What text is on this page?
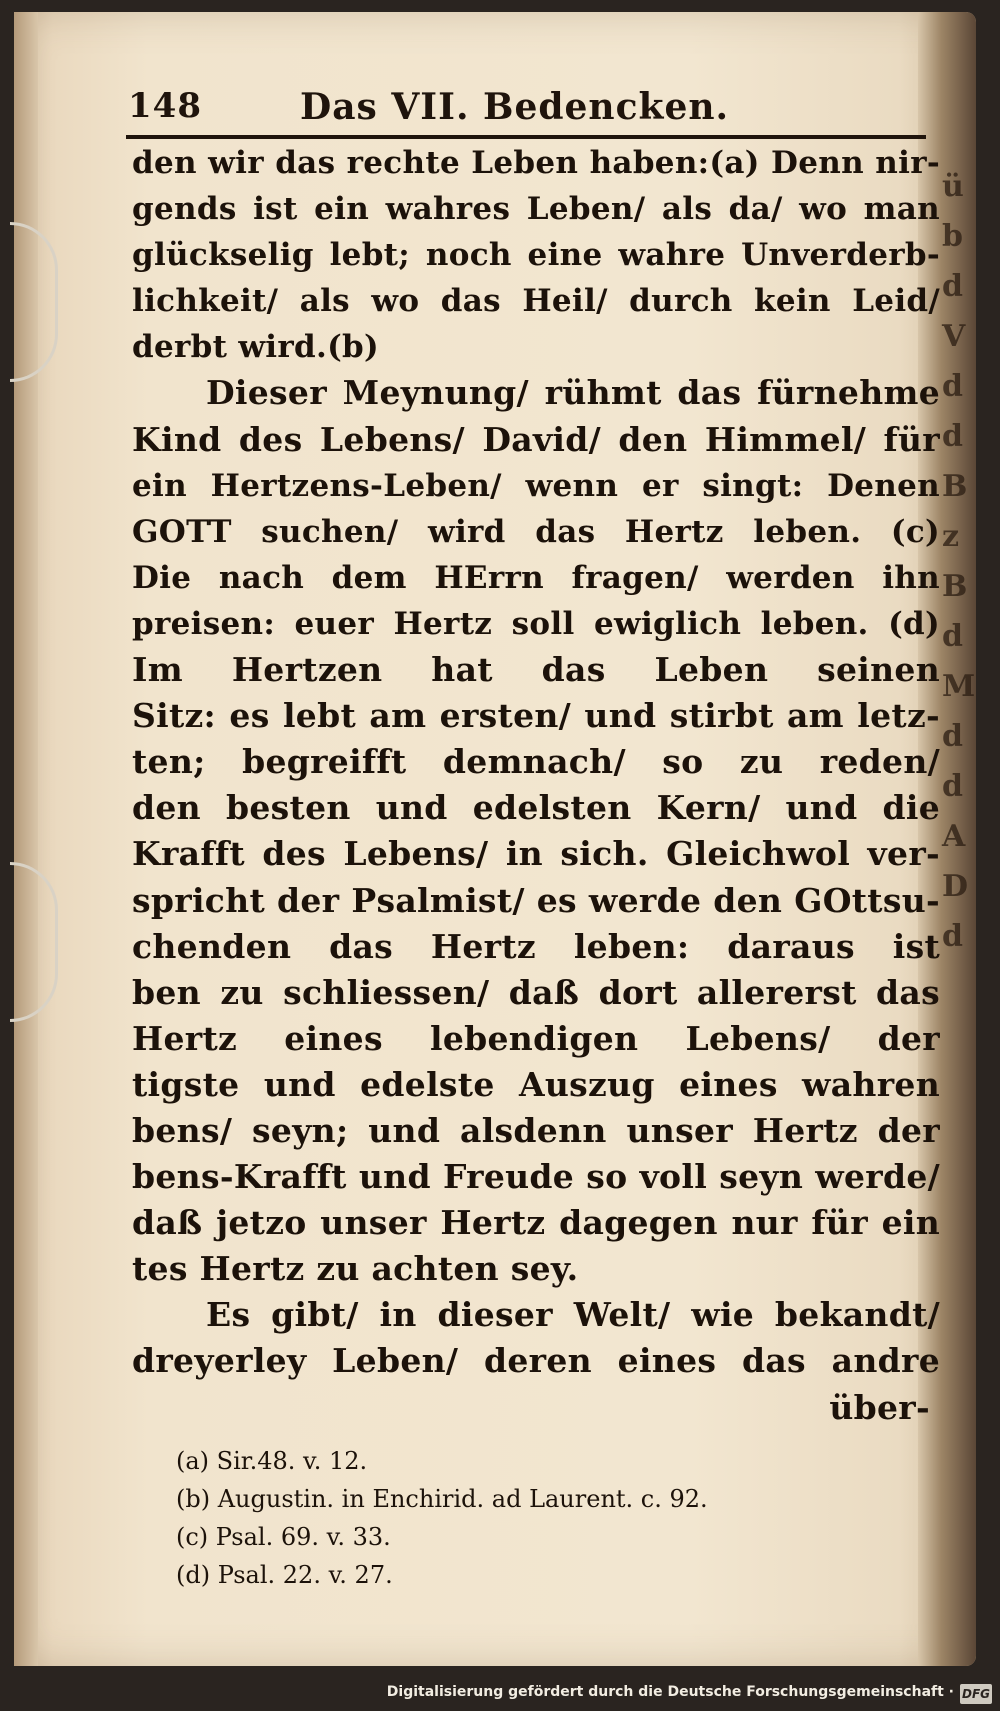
ü
b
d
V
d
d
B
z
B
d
M
d
d
A
D
d
148	Das VII. Bedencken.
den wir das rechte Leben haben:(a) Denn nir-
gends ist ein wahres Leben/ als da/ wo man
glückselig lebt; noch eine wahre Unverderb-
lichkeit/ als wo das Heil/ durch kein Leid/
derbt wird.(b)
Dieser Meynung/ rühmt das fürnehme
Kind des Lebens/ David/ den Himmel/ für
ein Hertzens-Leben/ wenn er singt: Denen
GOTT suchen/ wird das Hertz leben. (c)
Die nach dem HErrn fragen/ werden ihn
preisen: euer Hertz soll ewiglich leben. (d)
Im Hertzen hat das Leben seinen
Sitz: es lebt am ersten/ und stirbt am letz-
ten; begreifft demnach/ so zu reden/
den besten und edelsten Kern/ und die
Krafft des Lebens/ in sich. Gleichwol ver-
spricht der Psalmist/ es werde den GOttsu-
chenden das Hertz leben: daraus ist
ben zu schliessen/ daß dort allererst das
Hertz eines lebendigen Lebens/ der
tigste und edelste Auszug eines wahren
bens/ seyn; und alsdenn unser Hertz der
bens-Krafft und Freude so voll seyn werde/
daß jetzo unser Hertz dagegen nur für ein
tes Hertz zu achten sey.
Es gibt/ in dieser Welt/ wie bekandt/
dreyerley Leben/ deren eines das andre
über-
(a) Sir.48. v. 12.
(b) Augustin. in Enchirid. ad Laurent. c. 92.
(c) Psal. 69. v. 33.
(d) Psal. 22. v. 27.
Digitalisierung gefördert durch die Deutsche Forschungsgemeinschaft · DFG
